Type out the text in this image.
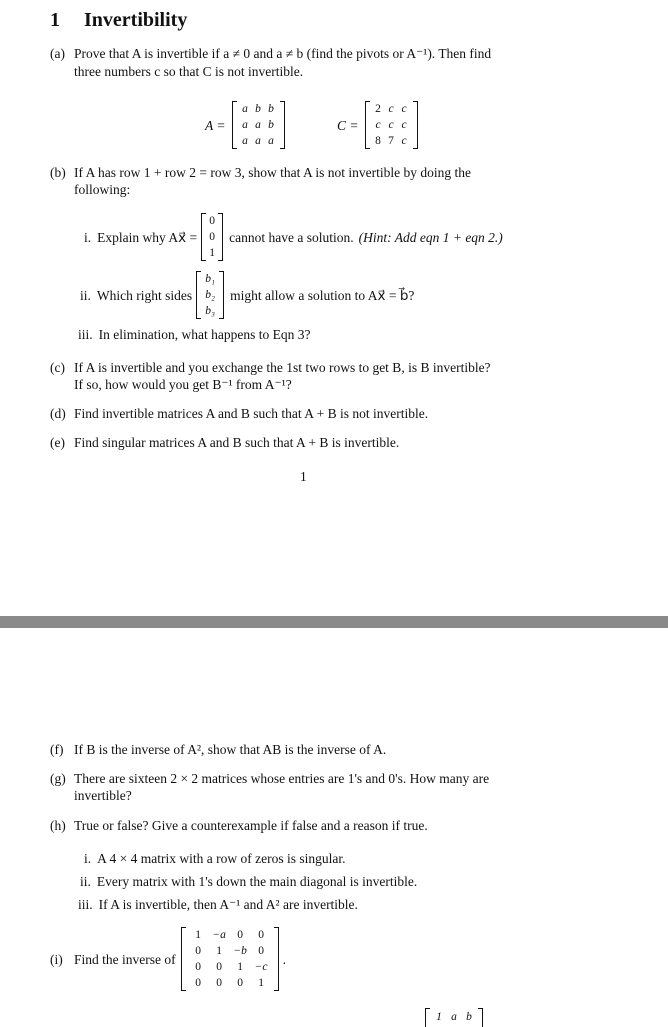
1 Invertibility
(a) Prove that A is invertible if a ≠ 0 and a ≠ b (find the pivots or A⁻¹). Then find
three numbers c so that C is not invertible.
A =
a b b
a a b
a a a
C =
2 c c
c c c
8 7 c
(b) If A has row 1 + row 2 = row 3, show that A is not invertible by doing the
following:
i. Explain why Ax⃗ =
0
0
1
cannot have a solution. (Hint: Add eqn 1 + eqn 2.)
ii. Which right sides
b₁
b₂
b₃
might allow a solution to Ax⃗ = b⃗?
iii. In elimination, what happens to Eqn 3?
(c) If A is invertible and you exchange the 1st two rows to get B, is B invertible?
If so, how would you get B⁻¹ from A⁻¹?
(d) Find invertible matrices A and B such that A + B is not invertible.
(e) Find singular matrices A and B such that A + B is invertible.
1
(f) If B is the inverse of A², show that AB is the inverse of A.
(g) There are sixteen 2 × 2 matrices whose entries are 1's and 0's. How many are
invertible?
(h) True or false? Give a counterexample if false and a reason if true.
i. A 4 × 4 matrix with a row of zeros is singular.
ii. Every matrix with 1's down the main diagonal is invertible.
iii. If A is invertible, then A⁻¹ and A² are invertible.
(i) Find the inverse of
1 −a 0	0
0	1 −b 0
0	0	1	−c
0	0	0	1
.
1 a b
